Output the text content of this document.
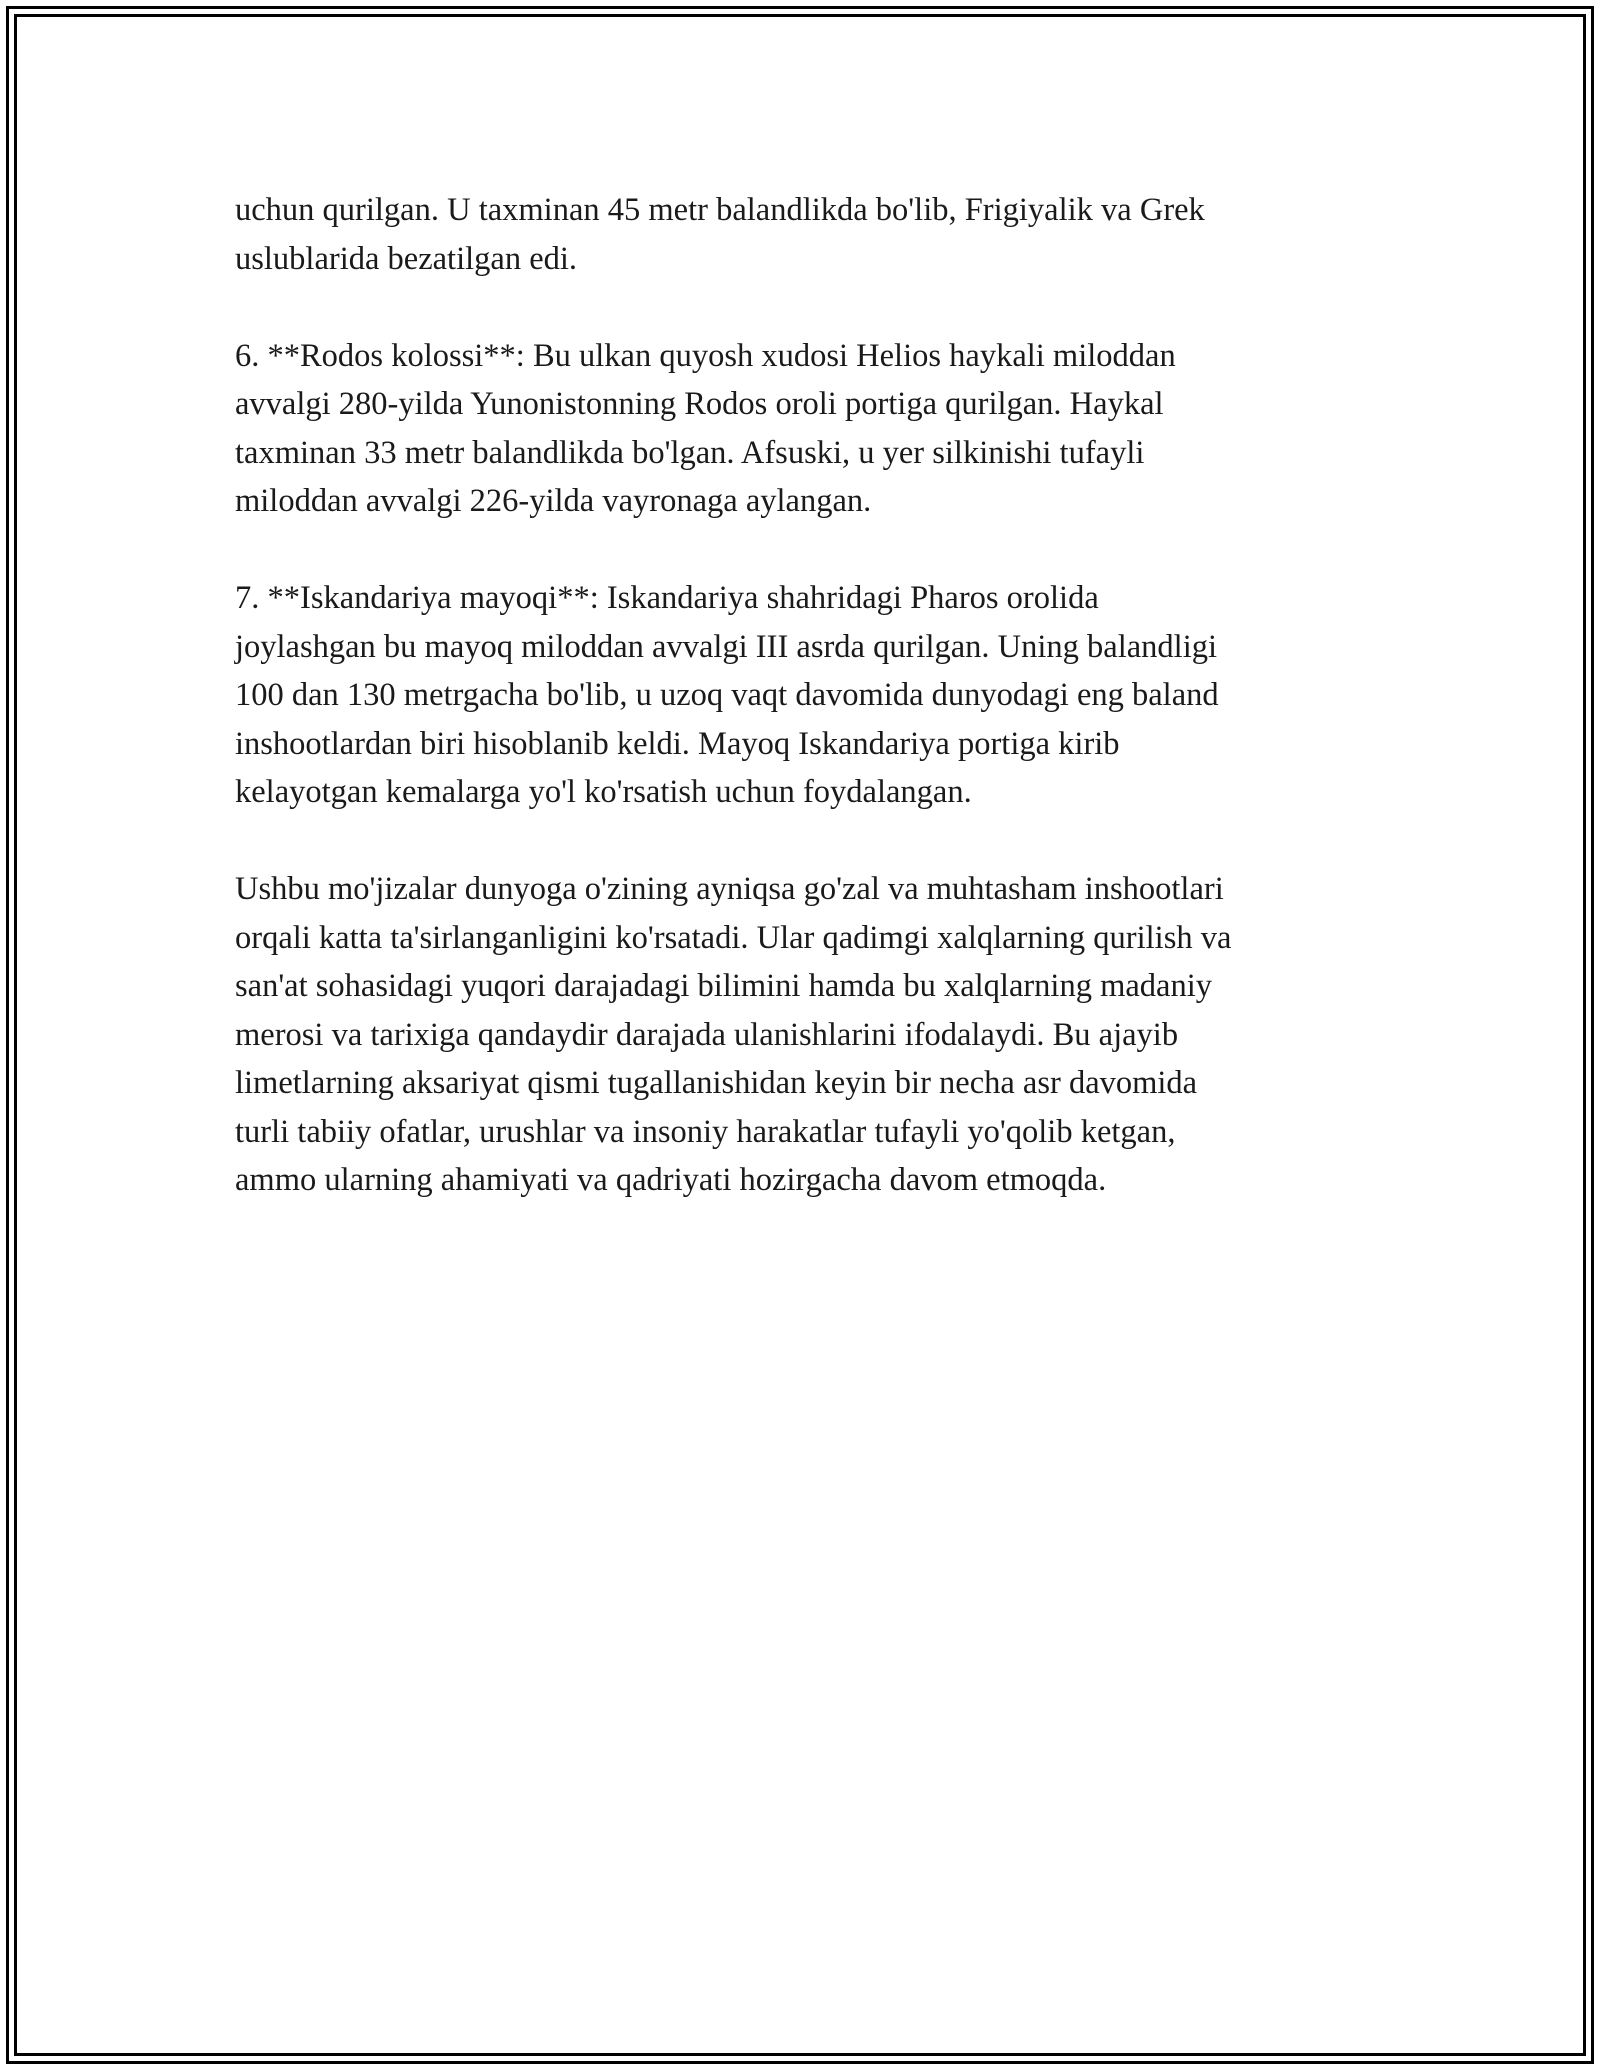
uchun qurilgan. U taxminan 45 metr balandlikda bo'lib, Frigiyalik va Grek
uslublarida bezatilgan edi.

6. **Rodos kolossi**: Bu ulkan quyosh xudosi Helios haykali miloddan
avvalgi 280-yilda Yunonistonning Rodos oroli portiga qurilgan. Haykal
taxminan 33 metr balandlikda bo'lgan. Afsuski, u yer silkinishi tufayli
miloddan avvalgi 226-yilda vayronaga aylangan.

7. **Iskandariya mayoqi**: Iskandariya shahridagi Pharos orolida
joylashgan bu mayoq miloddan avvalgi III asrda qurilgan. Uning balandligi
100 dan 130 metrgacha bo'lib, u uzoq vaqt davomida dunyodagi eng baland
inshootlardan biri hisoblanib keldi. Mayoq Iskandariya portiga kirib
kelayotgan kemalarga yo'l ko'rsatish uchun foydalangan.

Ushbu mo'jizalar dunyoga o'zining ayniqsa go'zal va muhtasham inshootlari
orqali katta ta'sirlanganligini ko'rsatadi. Ular qadimgi xalqlarning qurilish va
san'at sohasidagi yuqori darajadagi bilimini hamda bu xalqlarning madaniy
merosi va tarixiga qandaydir darajada ulanishlarini ifodalaydi. Bu ajayib
limetlarning aksariyat qismi tugallanishidan keyin bir necha asr davomida
turli tabiiy ofatlar, urushlar va insoniy harakatlar tufayli yo'qolib ketgan,
ammo ularning ahamiyati va qadriyati hozirgacha davom etmoqda.
